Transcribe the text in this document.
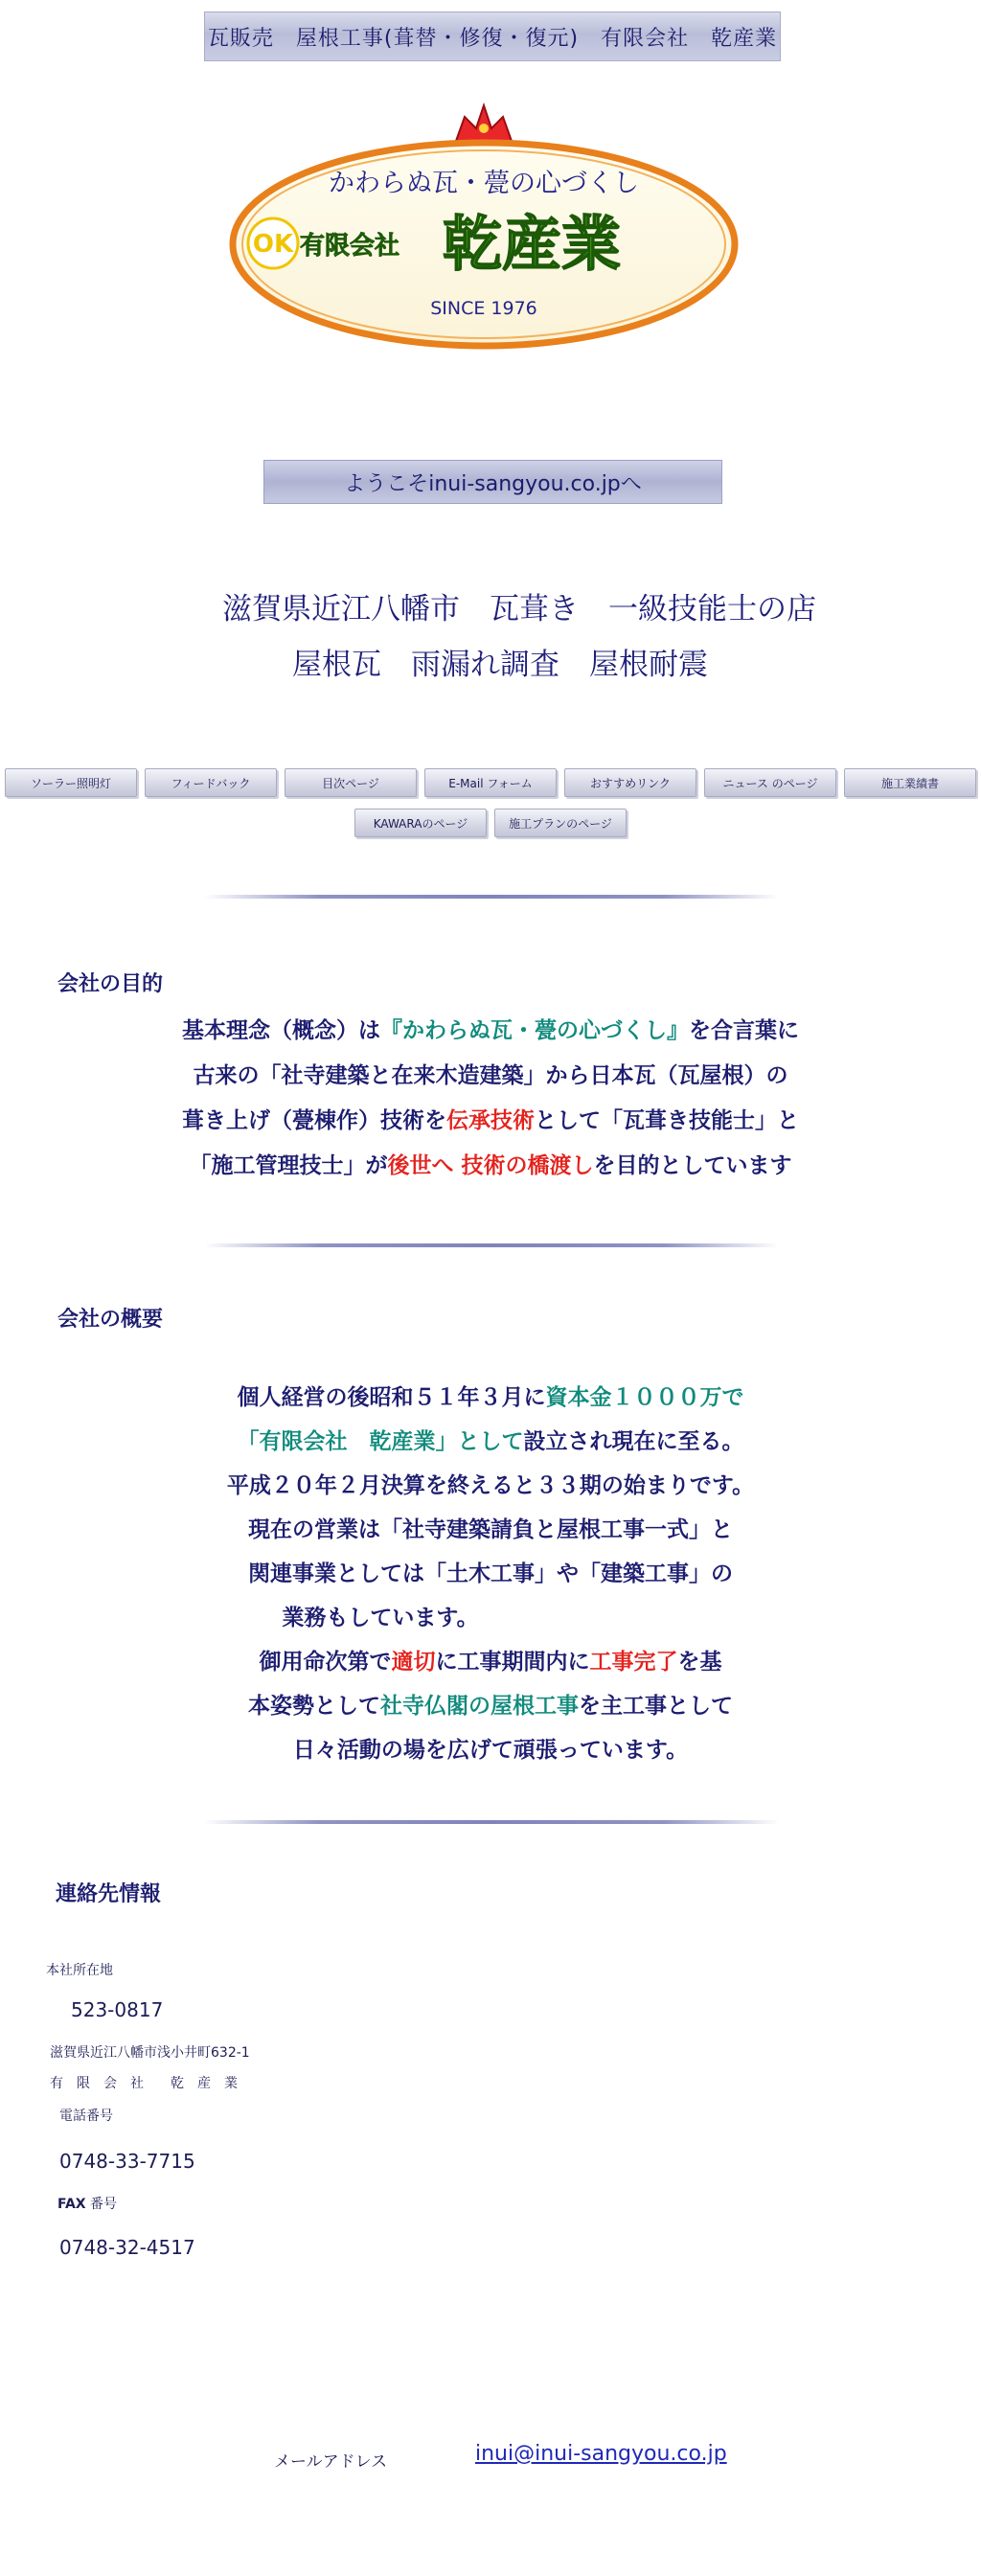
瓦販売　屋根工事(葺替・修復・復元)　有限会社　乾産業
かわらぬ瓦・甍の心づくし
OK 有限会社 乾産業
SINCE 1976
ようこそinui-sangyou.co.jpへ
滋賀県近江八幡市　瓦葺き　一級技能士の店
屋根瓦　雨漏れ調査　屋根耐震
ソーラー照明灯	フィードバック	目次ページ	E-Mail フォーム	おすすめリンク	ニュース のページ	施工業績書
KAWARAのページ	施工プランのページ
会社の目的
基本理念（概念）は『かわらぬ瓦・甍の心づくし』を合言葉に
古来の「社寺建築と在来木造建築」から日本瓦（瓦屋根）の
葺き上げ（甍棟作）技術を伝承技術として「瓦葺き技能士」と
「施工管理技士」が後世へ 技術の橋渡しを目的としています
会社の概要
個人経営の後昭和５１年３月に資本金１０００万で
「有限会社　乾産業」として設立され現在に至る。
平成２０年２月決算を終えると３３期の始まりです。
現在の営業は「社寺建築請負と屋根工事一式」と
関連事業としては「土木工事」や「建築工事」の
業務もしています。
御用命次第で適切に工事期間内に工事完了を基
本姿勢として社寺仏閣の屋根工事を主工事として
日々活動の場を広げて頑張っています。
連絡先情報
本社所在地
523-0817
滋賀県近江八幡市浅小井町632-1
有　限　会　社　　乾　産　業
電話番号
0748-33-7715
FAX 番号
0748-32-4517
メールアドレス	inui@inui-sangyou.co.jp
